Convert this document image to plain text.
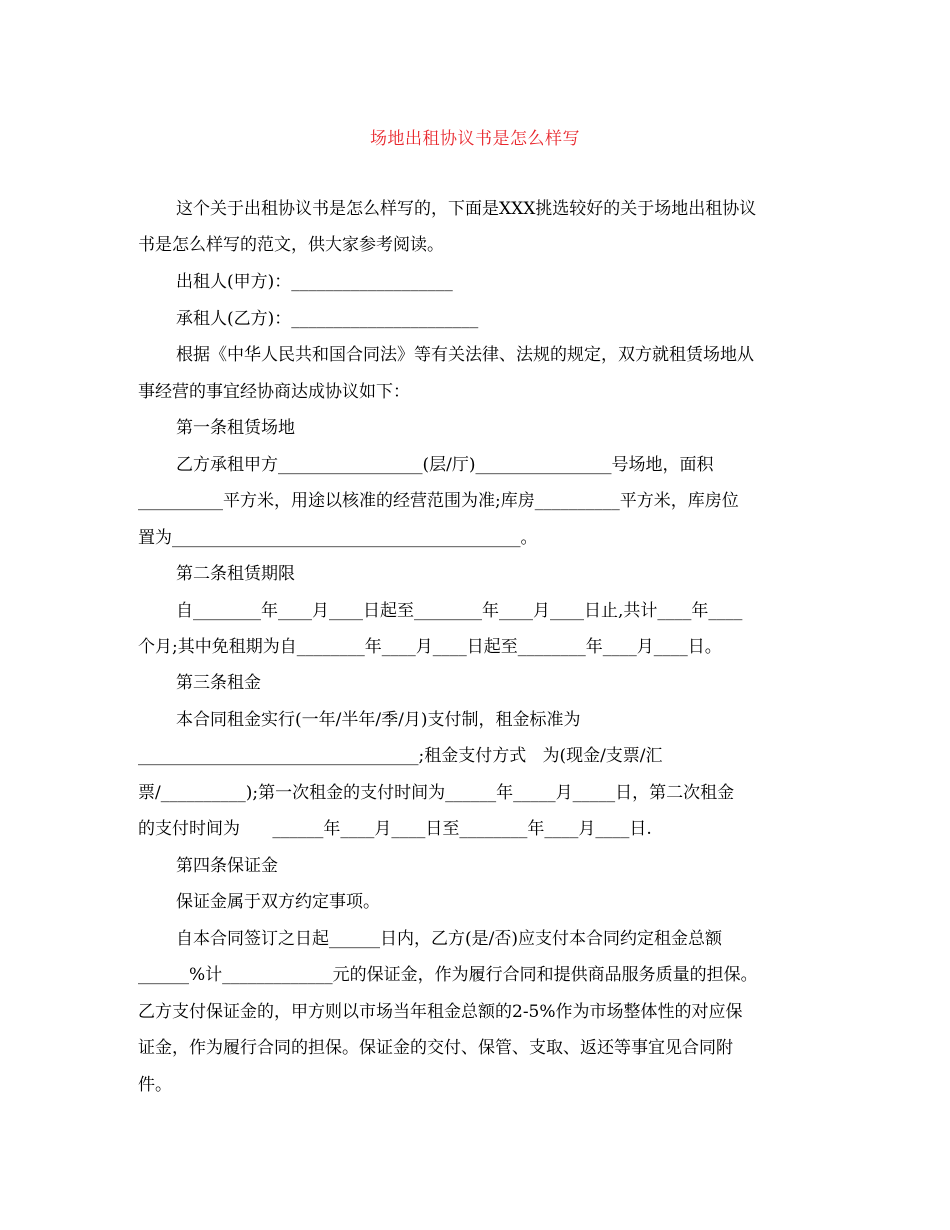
场地出租协议书是怎么样写
这个关于出租协议书是怎么样写的，下面是XXX挑选较好的关于场地出租协议
书是怎么样写的范文，供大家参考阅读。
出租人(甲方)：___________________
承租人(乙方)：______________________
根据《中华人民共和国合同法》等有关法律、法规的规定，双方就租赁场地从
事经营的事宜经协商达成协议如下：
第一条租赁场地
乙方承租甲方_________________(层/厅)________________号场地，面积
__________平方米，用途以核准的经营范围为准;库房__________平方米，库房位
置为_________________________________________。
第二条租赁期限
自________年____月____日起至________年____月____日止,共计____年____
个月;其中免租期为自________年____月____日起至________年____月____日。
第三条租金
本合同租金实行(一年/半年/季/月)支付制，租金标准为
_________________________________;租金支付方式   为(现金/支票/汇
票/__________);第一次租金的支付时间为______年_____月_____日，第二次租金
的支付时间为      ______年____月____日至________年____月____日.
第四条保证金
保证金属于双方约定事项。
自本合同签订之日起______日内，乙方(是/否)应支付本合同约定租金总额
______%计_____________元的保证金，作为履行合同和提供商品服务质量的担保。
乙方支付保证金的，甲方则以市场当年租金总额的2-5%作为市场整体性的对应保
证金，作为履行合同的担保。保证金的交付、保管、支取、返还等事宜见合同附
件。
